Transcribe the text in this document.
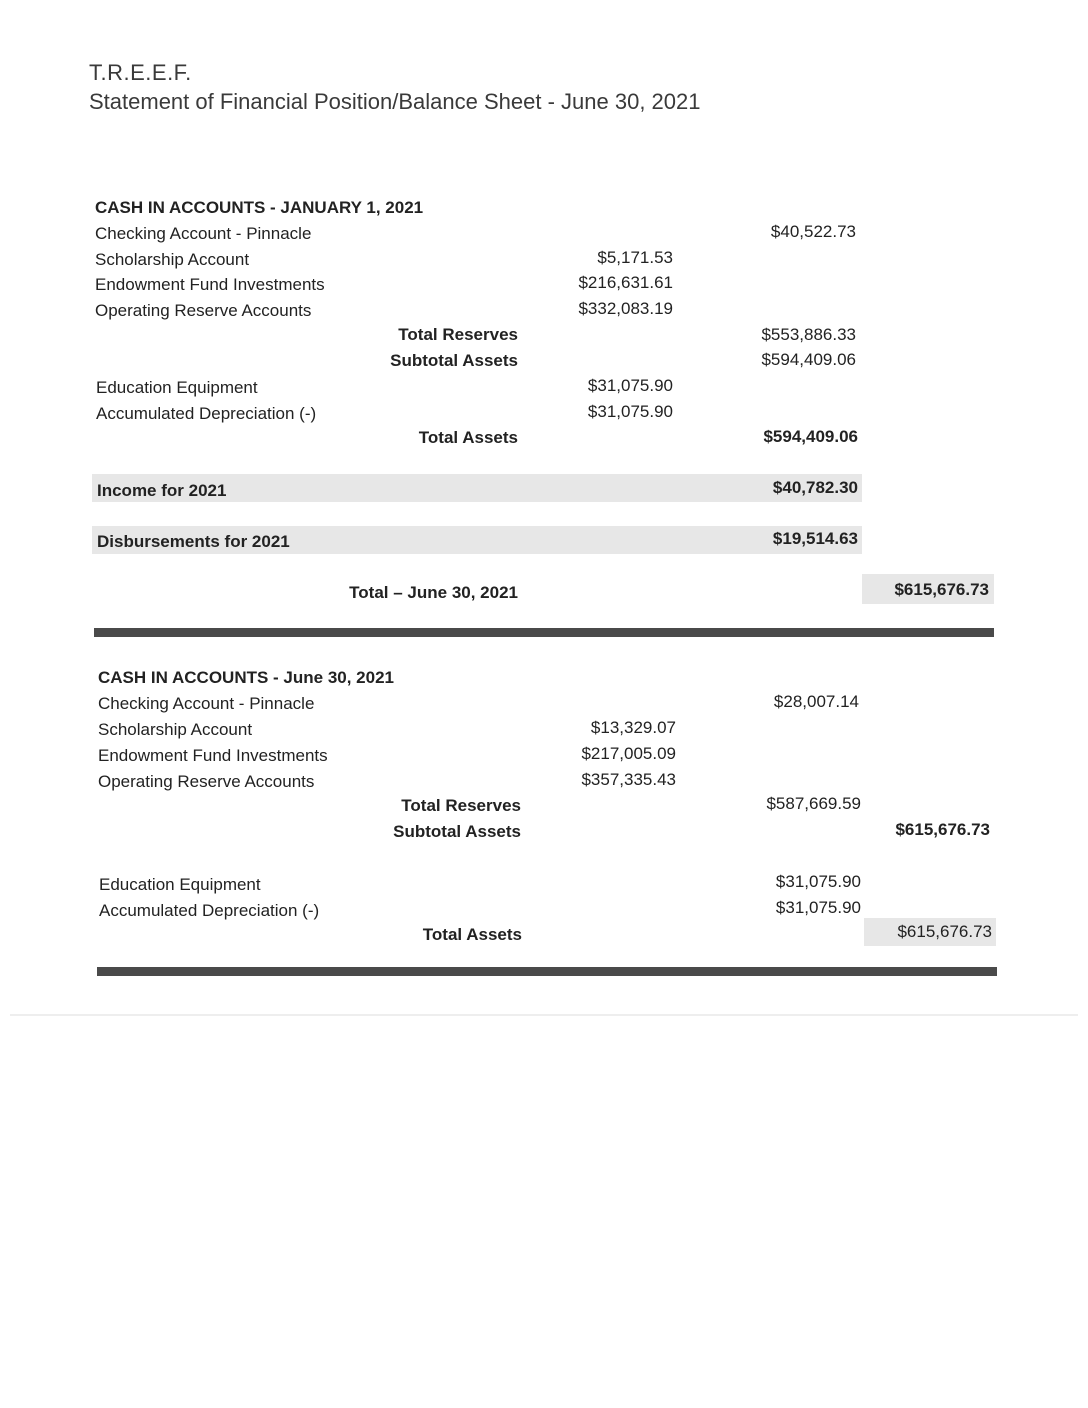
T.R.E.E.F.
Statement of Financial Position/Balance Sheet - June 30, 2021
CASH IN ACCOUNTS - JANUARY 1, 2021
Checking Account - Pinnacle	$40,522.73
Scholarship Account	$5,171.53
Endowment Fund Investments	$216,631.61
Operating Reserve Accounts	$332,083.19
Total Reserves	$553,886.33
Subtotal Assets	$594,409.06
Education Equipment	$31,075.90
Accumulated Depreciation (-)	$31,075.90
Total Assets	$594,409.06
Income for 2021	$40,782.30
Disbursements for 2021	$19,514.63
Total – June 30, 2021	$615,676.73
CASH IN ACCOUNTS - June 30, 2021
Checking Account - Pinnacle	$28,007.14
Scholarship Account	$13,329.07
Endowment Fund Investments	$217,005.09
Operating Reserve Accounts	$357,335.43
Total Reserves	$587,669.59
Subtotal Assets	$615,676.73
Education Equipment	$31,075.90
Accumulated Depreciation (-)	$31,075.90
Total Assets	$615,676.73
